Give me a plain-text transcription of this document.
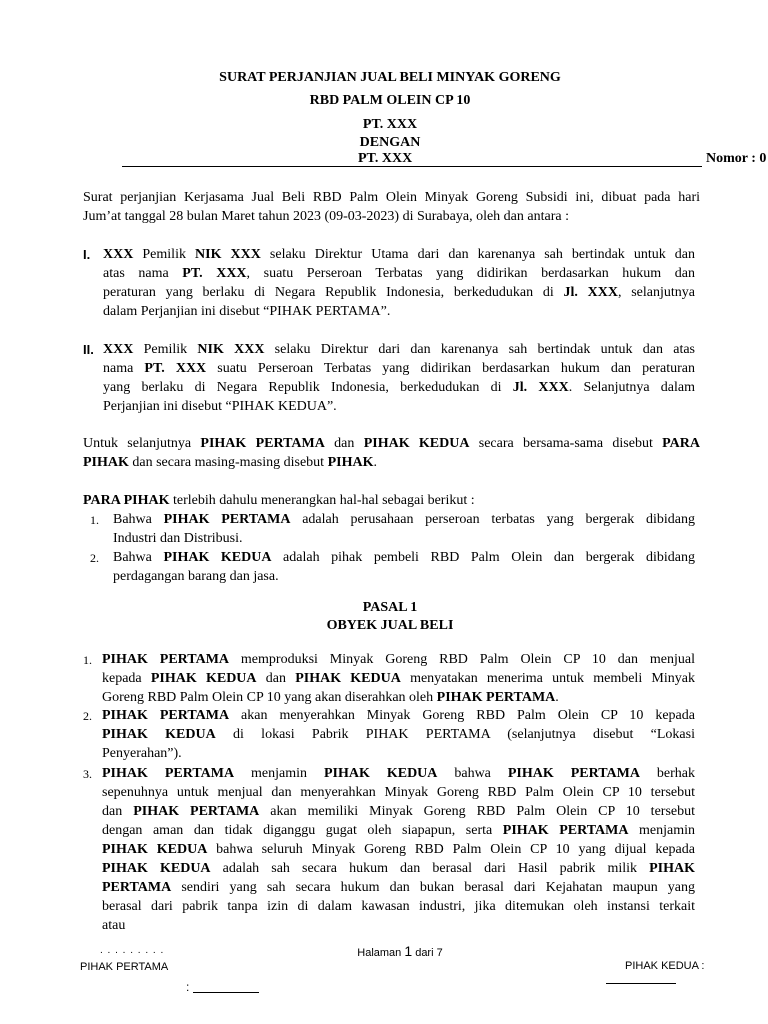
SURAT PERJANJIAN JUAL BELI MINYAK GORENG
RBD PALM OLEIN CP 10
PT. XXX
DENGAN
PT. XXX	Nomor : 0
Surat perjanjian Kerjasama Jual Beli RBD Palm Olein Minyak Goreng Subsidi ini, dibuat pada hari
Jum’at tanggal 28 bulan Maret tahun 2023 (09-03-2023) di Surabaya, oleh dan antara :
I. XXX Pemilik NIK XXX selaku Direktur Utama dari dan karenanya sah bertindak untuk dan
atas nama PT. XXX, suatu Perseroan Terbatas yang didirikan berdasarkan hukum dan
peraturan yang berlaku di Negara Republik Indonesia, berkedudukan di Jl. XXX, selanjutnya
dalam Perjanjian ini disebut “PIHAK PERTAMA”.
II. XXX Pemilik NIK XXX selaku Direktur dari dan karenanya sah bertindak untuk dan atas
nama PT. XXX suatu Perseroan Terbatas yang didirikan berdasarkan hukum dan peraturan
yang berlaku di Negara Republik Indonesia, berkedudukan di Jl. XXX. Selanjutnya dalam
Perjanjian ini disebut “PIHAK KEDUA”.
Untuk selanjutnya PIHAK PERTAMA dan PIHAK KEDUA secara bersama-sama disebut PARA
PIHAK dan secara masing-masing disebut PIHAK.
PARA PIHAK terlebih dahulu menerangkan hal-hal sebagai berikut :
1. Bahwa PIHAK PERTAMA adalah perusahaan perseroan terbatas yang bergerak dibidang
Industri dan Distribusi.
2. Bahwa PIHAK KEDUA adalah pihak pembeli RBD Palm Olein dan bergerak dibidang
perdagangan barang dan jasa.
PASAL 1
OBYEK JUAL BELI
1. PIHAK PERTAMA memproduksi Minyak Goreng RBD Palm Olein CP 10 dan menjual
kepada PIHAK KEDUA dan PIHAK KEDUA menyatakan menerima untuk membeli Minyak
Goreng RBD Palm Olein CP 10 yang akan diserahkan oleh PIHAK PERTAMA.
2. PIHAK PERTAMA akan menyerahkan Minyak Goreng RBD Palm Olein CP 10 kepada
PIHAK KEDUA di lokasi Pabrik PIHAK PERTAMA (selanjutnya disebut “Lokasi
Penyerahan”).
3. PIHAK PERTAMA menjamin PIHAK KEDUA bahwa PIHAK PERTAMA berhak
sepenuhnya untuk menjual dan menyerahkan Minyak Goreng RBD Palm Olein CP 10 tersebut
dan PIHAK PERTAMA akan memiliki Minyak Goreng RBD Palm Olein CP 10 tersebut
dengan aman dan tidak diganggu gugat oleh siapapun, serta PIHAK PERTAMA menjamin
PIHAK KEDUA bahwa seluruh Minyak Goreng RBD Palm Olein CP 10 yang dijual kepada
PIHAK KEDUA adalah sah secara hukum dan berasal dari Hasil pabrik milik PIHAK
PERTAMA sendiri yang sah secara hukum dan bukan berasal dari Kejahatan maupun yang
berasal dari pabrik tanpa izin di dalam kawasan industri, jika ditemukan oleh instansi terkait
atau
. . . . . . . . .	Halaman 1 dari 7
PIHAK PERTAMA	PIHAK KEDUA :
:
